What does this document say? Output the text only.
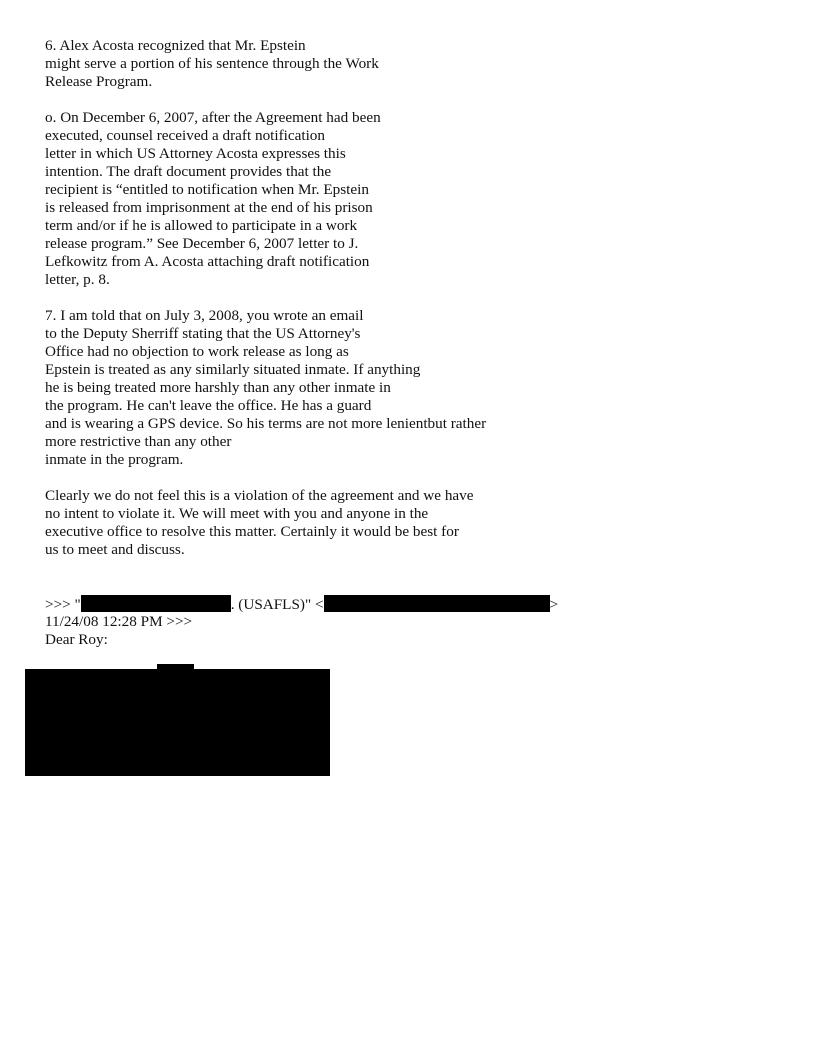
6. Alex Acosta recognized that Mr. Epstein
might serve a portion of his sentence through the Work
Release Program.

o. On December 6, 2007, after the Agreement had been
executed, counsel received a draft notification
letter in which US Attorney Acosta expresses this
intention. The draft document provides that the
recipient is “entitled to notification when Mr. Epstein
is released from imprisonment at the end of his prison
term and/or if he is allowed to participate in a work
release program.” See December 6, 2007 letter to J.
Lefkowitz from A. Acosta attaching draft notification
letter, p. 8.

7. I am told that on July 3, 2008, you wrote an email
to the Deputy Sherriff stating that the US Attorney's
Office had no objection to work release as long as
Epstein is treated as any similarly situated inmate. If anything
he is being treated more harshly than any other inmate in
the program. He can't leave the office. He has a guard
and is wearing a GPS device. So his terms are not more lenientbut rather
more restrictive than any other
inmate in the program.

Clearly we do not feel this is a violation of the agreement and we have
no intent to violate it. We will meet with you and anyone in the
executive office to resolve this matter. Certainly it would be best for
us to meet and discuss.

>>> "	. (USAFLS)" <	>
11/24/08 12:28 PM >>>
Dear Roy:
